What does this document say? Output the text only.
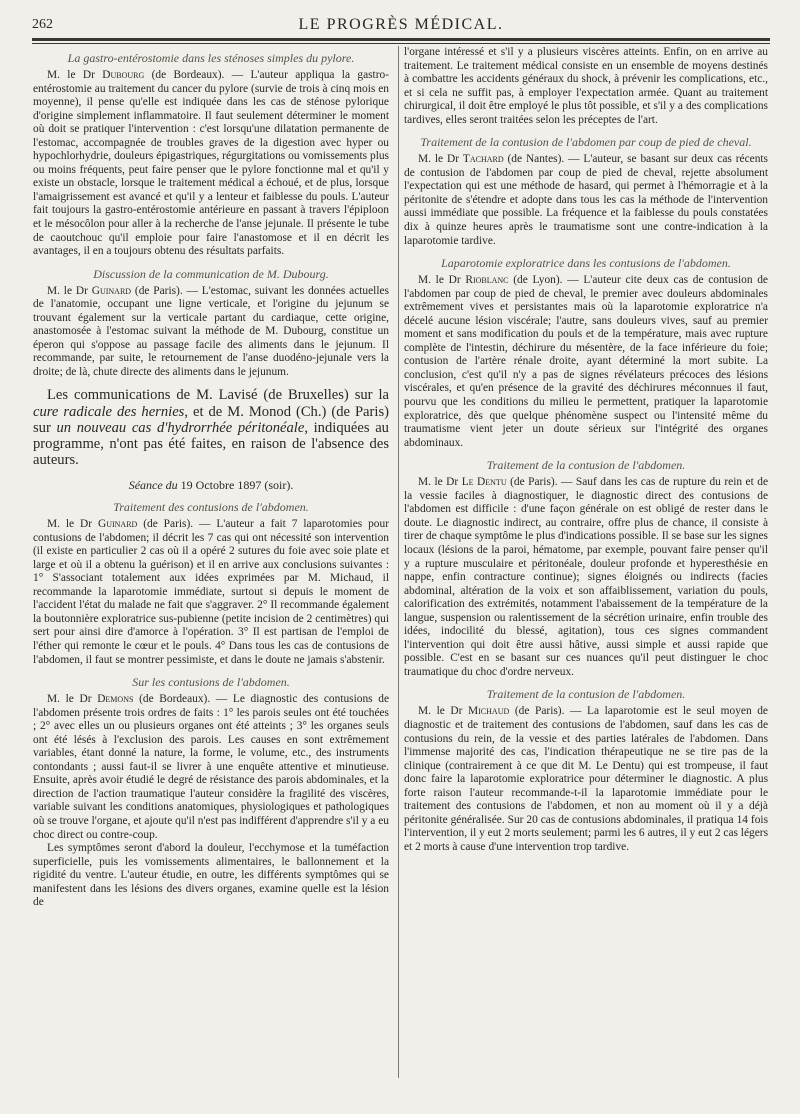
262	LE PROGRÈS MÉDICAL.
La gastro-entérostomie dans les sténoses simples du pylore.

M. le Dr Dubourg (de Bordeaux). — L'auteur appliqua la gastro-entérostomie au traitement du cancer du pylore (survie de trois à cinq mois en moyenne), il pense qu'elle est indiquée dans les cas de sténose pylorique d'origine simplement inflammatoire. Il faut seulement déterminer le moment où doit se pratiquer l'intervention : c'est lorsqu'une dilatation permanente de l'estomac, accompagnée de troubles graves de la digestion avec hyper ou hypochlorhydrie, douleurs épigastriques, régurgitations ou vomissements plus ou moins fréquents, peut faire penser que le pylore fonctionne mal et qu'il y existe un obstacle, lorsque le traitement médical a échoué, et de plus, lorsque l'amaigrissement est avancé et qu'il y a lenteur et faiblesse du pouls. L'auteur fait toujours la gastro-entérostomie antérieure en passant à travers l'épiploon et le mésocôlon pour aller à la recherche de l'anse jejunale. Il présente le tube de caoutchouc qu'il emploie pour faire l'anastomose et il en décrit les avantages, il en a toujours obtenu des résultats parfaits.

Discussion de la communication de M. Dubourg.

M. le Dr Guinard (de Paris). — L'estomac, suivant les données actuelles de l'anatomie, occupant une ligne verticale, et l'origine du jejunum se trouvant également sur la verticale partant du cardiaque, cette origine, anastomosée à l'estomac suivant la méthode de M. Dubourg, constitue un éperon qui s'oppose au passage facile des aliments dans le jejunum. Il recommande, par suite, le retournement de l'anse duodéno-jejunale vers la droite; de là, chute directe des aliments dans le jejunum.

Les communications de M. Lavisé (de Bruxelles) sur la cure radicale des hernies, et de M. Monod (Ch.) (de Paris) sur un nouveau cas d'hydrorrhée péritonéale, indiquées au programme, n'ont pas été faites, en raison de l'absence des auteurs.

Séance du 19 Octobre 1897 (soir).
Traitement des contusions de l'abdomen.

M. le Dr Guinard (de Paris). — L'auteur a fait 7 laparotomies pour contusions de l'abdomen; il décrit les 7 cas qui ont nécessité son intervention (il existe en particulier 2 cas où il a opéré 2 sutures du foie avec soie plate et large et où il a obtenu la guérison) et il en arrive aux conclusions suivantes : 1° S'associant totalement aux idées exprimées par M. Michaud, il recommande la laparotomie immédiate, surtout si depuis le moment de l'accident l'état du malade ne fait que s'aggraver. 2° Il recommande également la boutonnière exploratrice sus-pubienne (petite incision de 2 centimètres) qui sert pour ainsi dire d'amorce à l'opération. 3° Il est partisan de l'emploi de l'éther qui remonte le cœur et le pouls. 4° Dans tous les cas de contusions de l'abdomen, il faut se montrer pessimiste, et dans le doute ne jamais s'abstenir.

Sur les contusions de l'abdomen.

M. le Dr Demons (de Bordeaux). — Le diagnostic des contusions de l'abdomen présente trois ordres de faits : 1° les parois seules ont été touchées ; 2° avec elles un ou plusieurs organes ont été atteints ; 3° les organes seuls ont été lésés à l'exclusion des parois. Les causes en sont extrêmement variables, étant donné la nature, la forme, le volume, etc., des instruments contondants ; aussi faut-il se livrer à une enquête attentive et minutieuse. Ensuite, après avoir étudié le degré de résistance des parois abdominales, et la direction de l'action traumatique l'auteur considère la fragilité des viscères, variable suivant les conditions anatomiques, physiologiques et pathologiques où se trouve l'organe, et ajoute qu'il n'est pas indifférent d'apprendre s'il y a eu choc direct ou contre-coup.

Les symptômes seront d'abord la douleur, l'ecchymose et la tuméfaction superficielle, puis les vomissements alimentaires, le ballonnement et la rigidité du ventre. L'auteur étudie, en outre, les différents symptômes qui se manifestent dans les lésions des divers organes, examine quelle est la lésion de

l'organe intéressé et s'il y a plusieurs viscères atteints. Enfin, on en arrive au traitement. Le traitement médical consiste en un ensemble de moyens destinés à combattre les accidents généraux du shock, à prévenir les complications, etc., et si cela ne suffit pas, à employer l'expectation armée. Quant au traitement chirurgical, il doit être employé le plus tôt possible, et s'il y a des complications tardives, elles seront traitées selon les préceptes de l'art.

Traitement de la contusion de l'abdomen par coup de pied de cheval.

M. le Dr Tachard (de Nantes). — L'auteur, se basant sur deux cas récents de contusion de l'abdomen par coup de pied de cheval, rejette absolument l'expectation qui est une méthode de hasard, qui permet à l'hémorragie et à la péritonite de s'étendre et adopte dans tous les cas la méthode de l'intervention aussi immédiate que possible. La fréquence et la faiblesse du pouls constatées dix à quinze heures après le traumatisme sont une contre-indication à la laparotomie tardive.

Laparotomie exploratrice dans les contusions de l'abdomen.

M. le Dr Rioblanc (de Lyon). — L'auteur cite deux cas de contusion de l'abdomen par coup de pied de cheval, le premier avec douleurs abdominales extrêmement vives et persistantes mais où la laparotomie exploratrice n'a décelé aucune lésion viscérale; l'autre, sans douleurs vives, sauf au premier moment et sans modification du pouls et de la température, mais avec rupture complète de l'intestin, déchirure du mésentère, de la face inférieure du foie; contusion de l'artère rénale droite, ayant déterminé la mort subite. La conclusion, c'est qu'il n'y a pas de signes révélateurs précoces des lésions viscérales, et qu'en présence de la gravité des déchirures méconnues il faut, pourvu que les conditions du milieu le permettent, pratiquer la laparotomie exploratrice, dès que quelque phénomène suspect ou l'intensité même du traumatisme vient jeter un doute sérieux sur l'intégrité des organes abdominaux.

Traitement de la contusion de l'abdomen.

M. le Dr Le Dentu (de Paris). — Sauf dans les cas de rupture du rein et de la vessie faciles à diagnostiquer, le diagnostic direct des contusions de l'abdomen est difficile : d'une façon générale on est obligé de rester dans le doute. Le diagnostic indirect, au contraire, offre plus de chance, il consiste à tirer de chaque symptôme le plus d'indications possible. Il se base sur les signes locaux (lésions de la paroi, hématome, par exemple, pouvant faire penser qu'il y a rupture musculaire et péritonéale, douleur profonde et hyperesthésie en nappe, enfin contracture continue); signes éloignés ou indirects (facies abdominal, altération de la voix et son affaiblissement, variation du pouls, calorification des extrémités, notamment l'abaissement de la température de la langue, suspension ou ralentissement de la sécrétion urinaire, enfin trouble des idées, indocilité du blessé, agitation), tous ces signes commandent l'intervention qui doit être aussi hâtive, aussi simple et aussi rapide que possible. C'est en se basant sur ces nuances qu'il peut distinguer le choc traumatique du choc d'ordre nerveux.

Traitement de la contusion de l'abdomen.

M. le Dr Michaud (de Paris). — La laparotomie est le seul moyen de diagnostic et de traitement des contusions de l'abdomen, sauf dans les cas de contusions du rein, de la vessie et des parties latérales de l'abdomen. Dans l'immense majorité des cas, l'indication thérapeutique ne se tire pas de la clinique (contrairement à ce que dit M. Le Dentu) qui est trompeuse, il faut donc faire la laparotomie exploratrice pour déterminer le diagnostic. A plus forte raison l'auteur recommande-t-il la laparotomie immédiate pour le traitement des contusions de l'abdomen, et non au moment où il y a déjà péritonite généralisée. Sur 20 cas de contusions abdominales, il pratiqua 14 fois l'intervention, il y eut 2 morts seulement; parmi les 6 autres, il y eut 2 cas légers et 2 morts à cause d'une intervention trop tardive.
